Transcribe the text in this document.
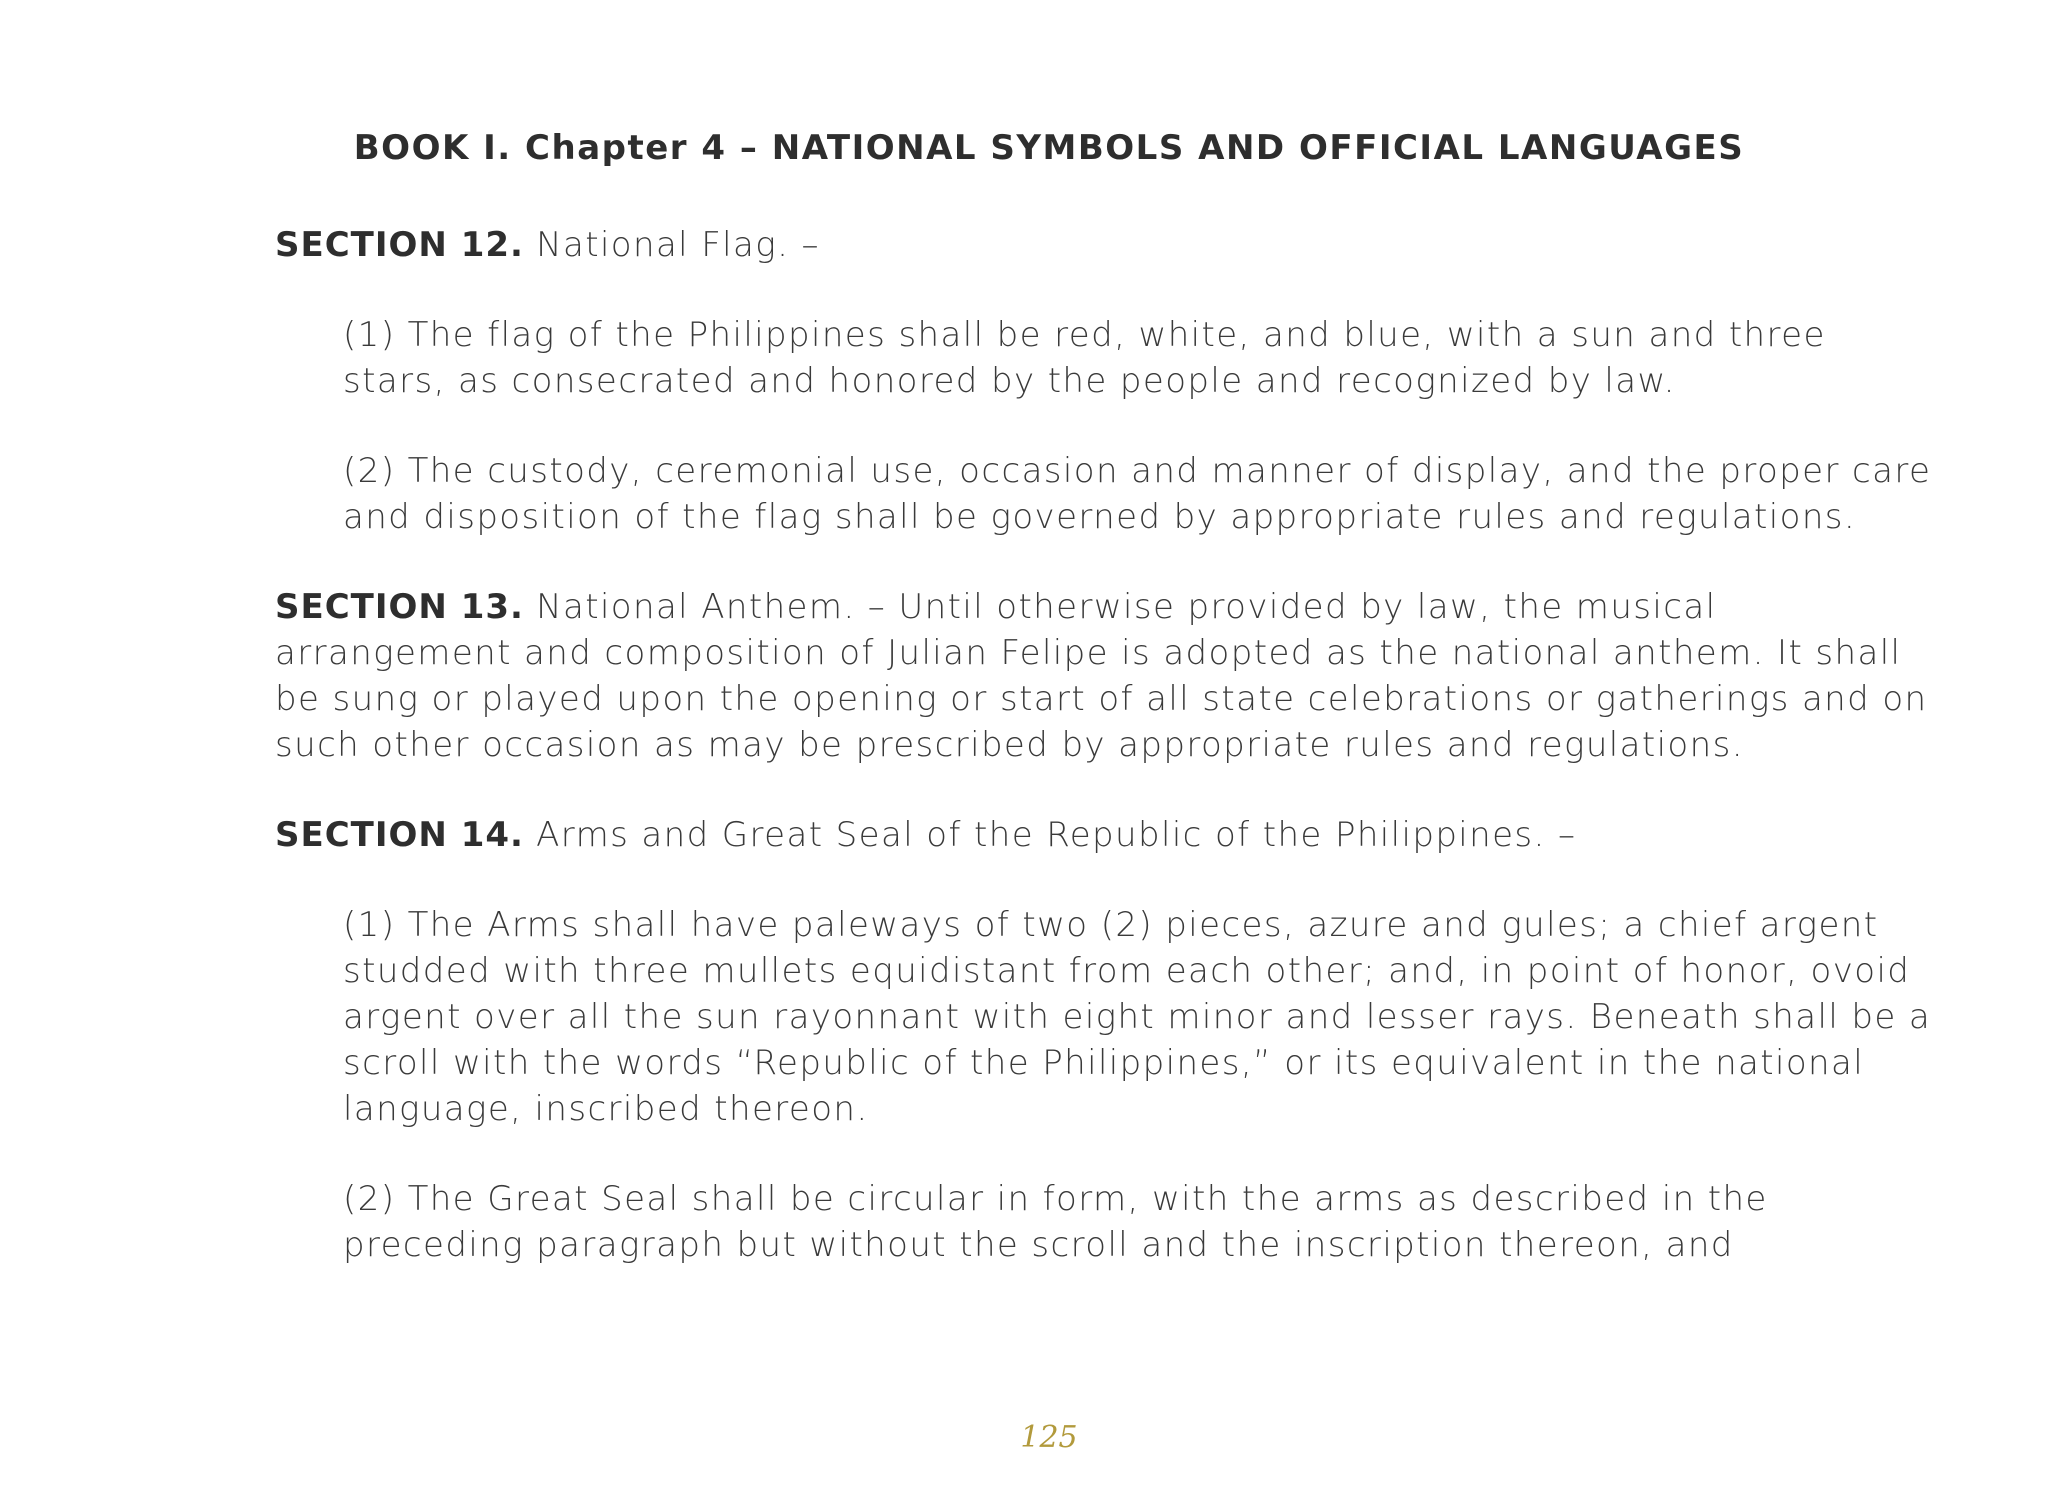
BOOK I. Chapter 4 – NATIONAL SYMBOLS AND OFFICIAL LANGUAGES

SECTION 12. National Flag. –

(1) The flag of the Philippines shall be red, white, and blue, with a sun and three stars, as consecrated and honored by the people and recognized by law.

(2) The custody, ceremonial use, occasion and manner of display, and the proper care and disposition of the flag shall be governed by appropriate rules and regulations.

SECTION 13. National Anthem. – Until otherwise provided by law, the musical arrangement and composition of Julian Felipe is adopted as the national anthem. It shall be sung or played upon the opening or start of all state celebrations or gatherings and on such other occasion as may be prescribed by appropriate rules and regulations.

SECTION 14. Arms and Great Seal of the Republic of the Philippines. –

(1) The Arms shall have paleways of two (2) pieces, azure and gules; a chief argent studded with three mullets equidistant from each other; and, in point of honor, ovoid argent over all the sun rayonnant with eight minor and lesser rays. Beneath shall be a scroll with the words “Republic of the Philippines,” or its equivalent in the national language, inscribed thereon.

(2) The Great Seal shall be circular in form, with the arms as described in the preceding paragraph but without the scroll and the inscription thereon, and

125
